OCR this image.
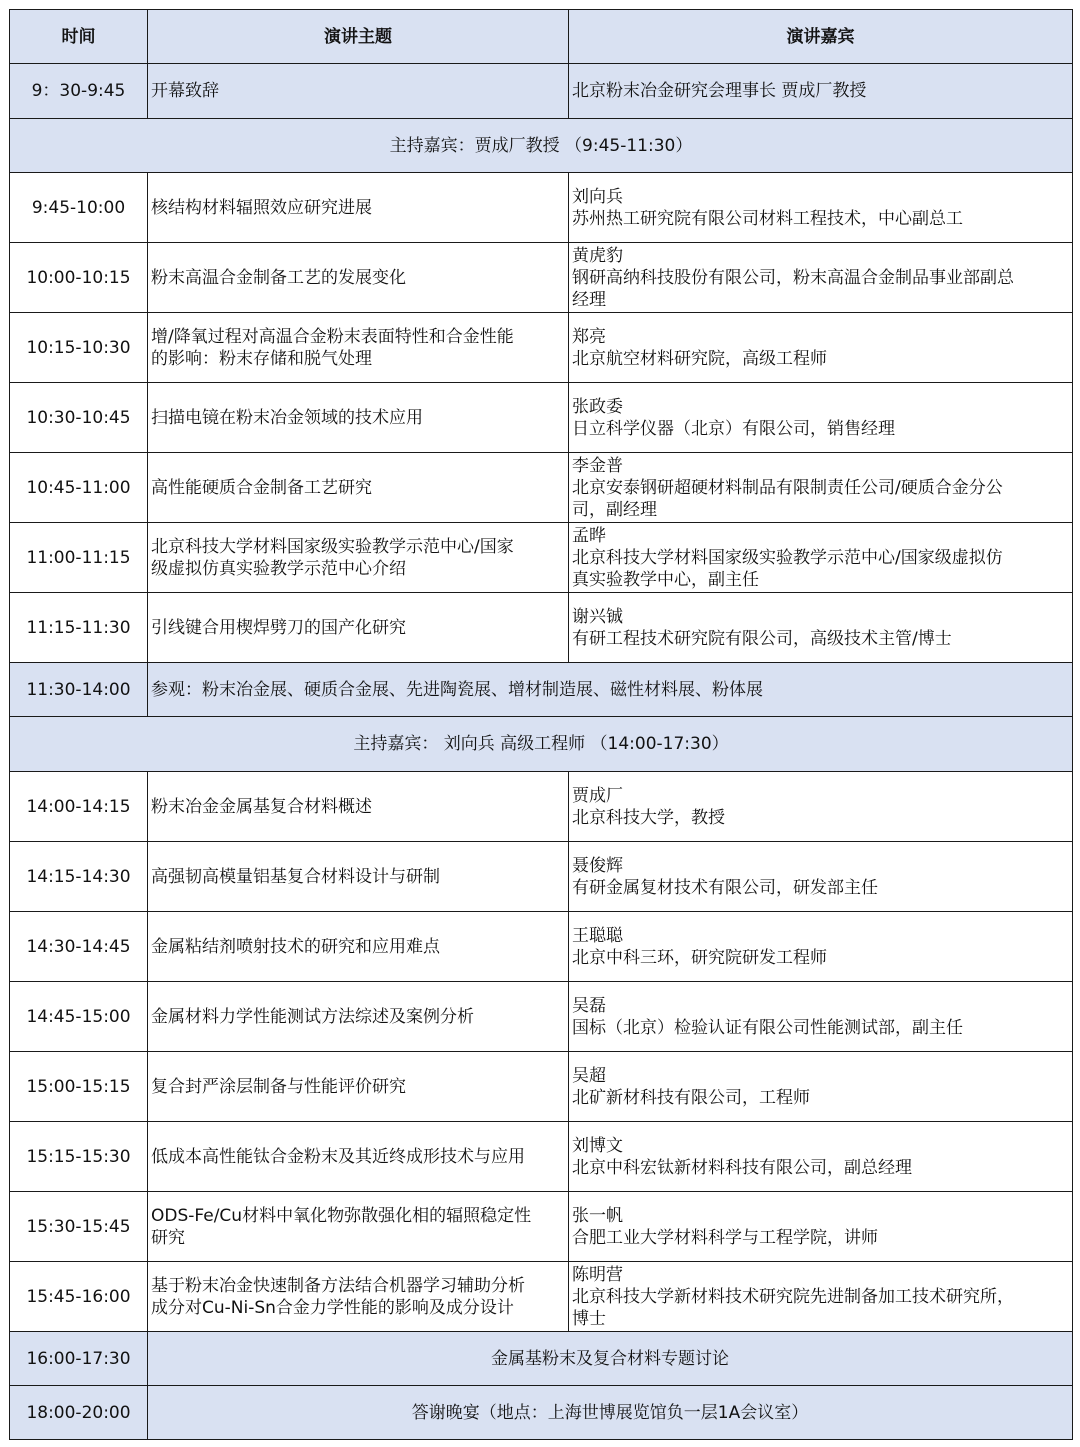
时间	演讲主题	演讲嘉宾
9：30-9:45	开幕致辞	北京粉末冶金研究会理事长 贾成厂教授
主持嘉宾：贾成厂教授 （9:45-11:30）		
9:45-10:00	核结构材料辐照效应研究进展	刘向兵
苏州热工研究院有限公司材料工程技术，中心副总工

10:00-10:15	粉末高温合金制备工艺的发展变化	黄虎豹
钢研高纳科技股份有限公司，粉末高温合金制品事业部副总
经理

10:15-10:30	增/降氧过程对高温合金粉末表面特性和合金性能
的影响：粉末存储和脱气处理	郑亮
北京航空材料研究院，高级工程师

10:30-10:45	扫描电镜在粉末冶金领域的技术应用	张政委
日立科学仪器（北京）有限公司，销售经理

10:45-11:00	高性能硬质合金制备工艺研究	李金普
北京安泰钢研超硬材料制品有限制责任公司/硬质合金分公
司，副经理

11:00-11:15	北京科技大学材料国家级实验教学示范中心/国家
级虚拟仿真实验教学示范中心介绍	孟晔
北京科技大学材料国家级实验教学示范中心/国家级虚拟仿
真实验教学中心，副主任

11:15-11:30	引线键合用楔焊劈刀的国产化研究	谢兴铖
有研工程技术研究院有限公司，高级技术主管/博士

11:30-14:00	参观：粉末冶金展、硬质合金展、先进陶瓷展、增材制造展、磁性材料展、粉体展	
主持嘉宾： 刘向兵 高级工程师 （14:00-17:30）		
14:00-14:15	粉末冶金金属基复合材料概述	贾成厂
北京科技大学，教授

14:15-14:30	高强韧高模量铝基复合材料设计与研制	聂俊辉
有研金属复材技术有限公司，研发部主任

14:30-14:45	金属粘结剂喷射技术的研究和应用难点	王聪聪
北京中科三环，研究院研发工程师

14:45-15:00	金属材料力学性能测试方法综述及案例分析	吴磊
国标（北京）检验认证有限公司性能测试部，副主任

15:00-15:15	复合封严涂层制备与性能评价研究	吴超
北矿新材科技有限公司，工程师

15:15-15:30	低成本高性能钛合金粉末及其近终成形技术与应用	刘博文
北京中科宏钛新材料科技有限公司，副总经理

15:30-15:45	ODS-Fe/Cu材料中氧化物弥散强化相的辐照稳定性
研究	张一帆
合肥工业大学材料科学与工程学院，讲师

15:45-16:00	基于粉末冶金快速制备方法结合机器学习辅助分析
成分对Cu-Ni-Sn合金力学性能的影响及成分设计	陈明营
北京科技大学新材料技术研究院先进制备加工技术研究所，
博士

16:00-17:30	金属基粉末及复合材料专题讨论	
18:00-20:00	答谢晚宴（地点：上海世博展览馆负一层1A会议室）	
